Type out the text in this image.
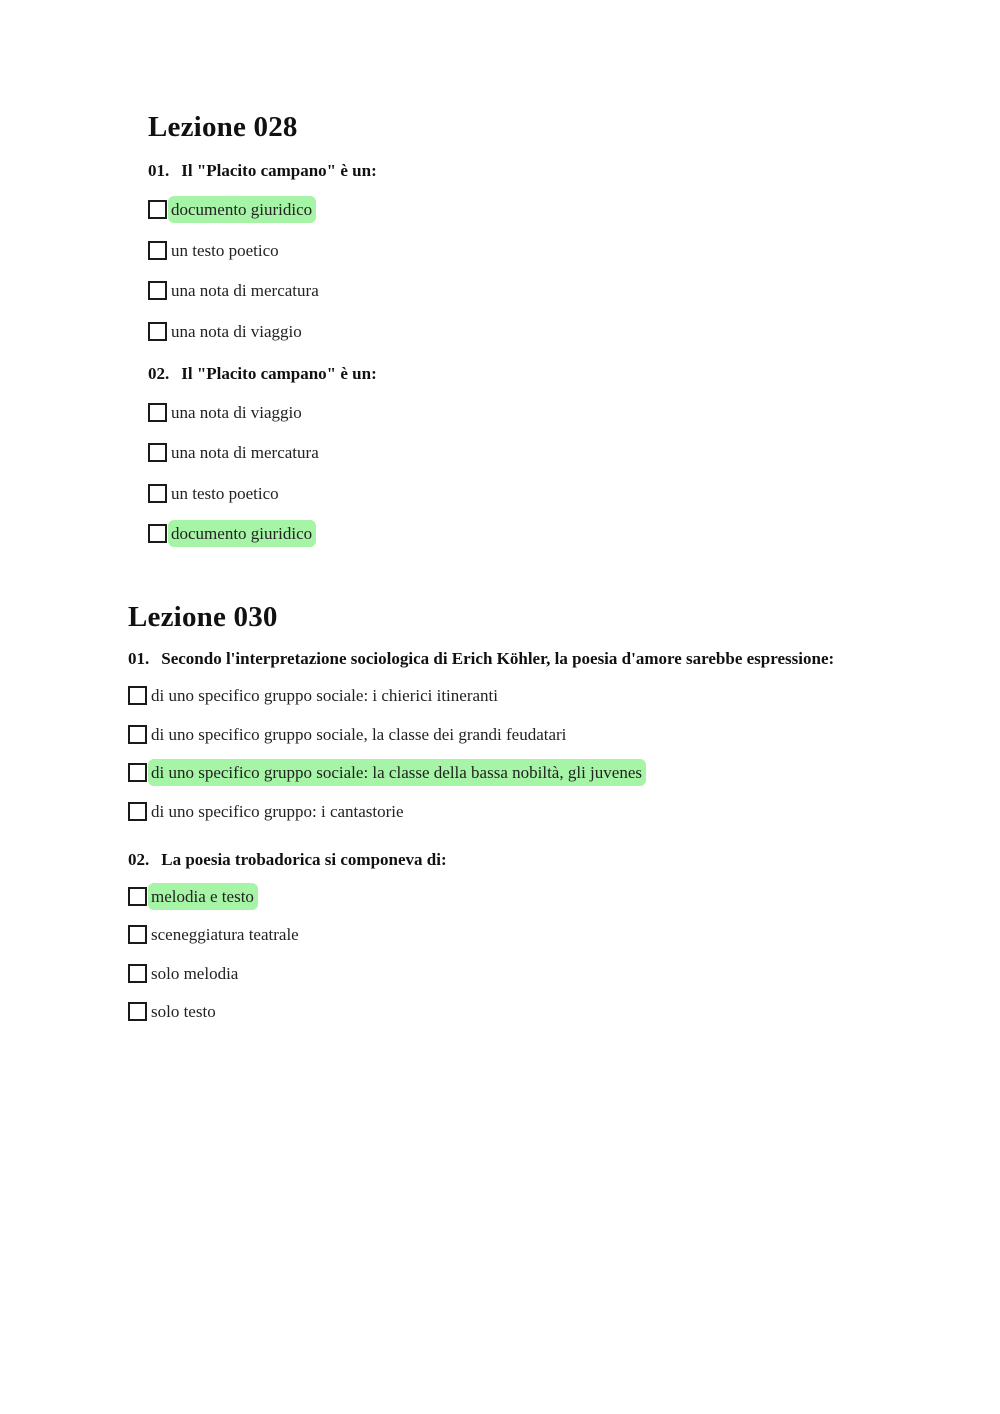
Lezione 028

01. Il "Placito campano" è un:

documento giuridico
un testo poetico
una nota di mercatura
una nota di viaggio

02. Il "Placito campano" è un:

una nota di viaggio
una nota di mercatura
un testo poetico
documento giuridico
Lezione 030

01. Secondo l'interpretazione sociologica di Erich Köhler, la poesia d'amore sarebbe espressione:

di uno specifico gruppo sociale: i chierici itineranti
di uno specifico gruppo sociale, la classe dei grandi feudatari
di uno specifico gruppo sociale: la classe della bassa nobiltà, gli juvenes
di uno specifico gruppo: i cantastorie

02. La poesia trobadorica si componeva di:

melodia e testo
sceneggiatura teatrale
solo melodia
solo testo
